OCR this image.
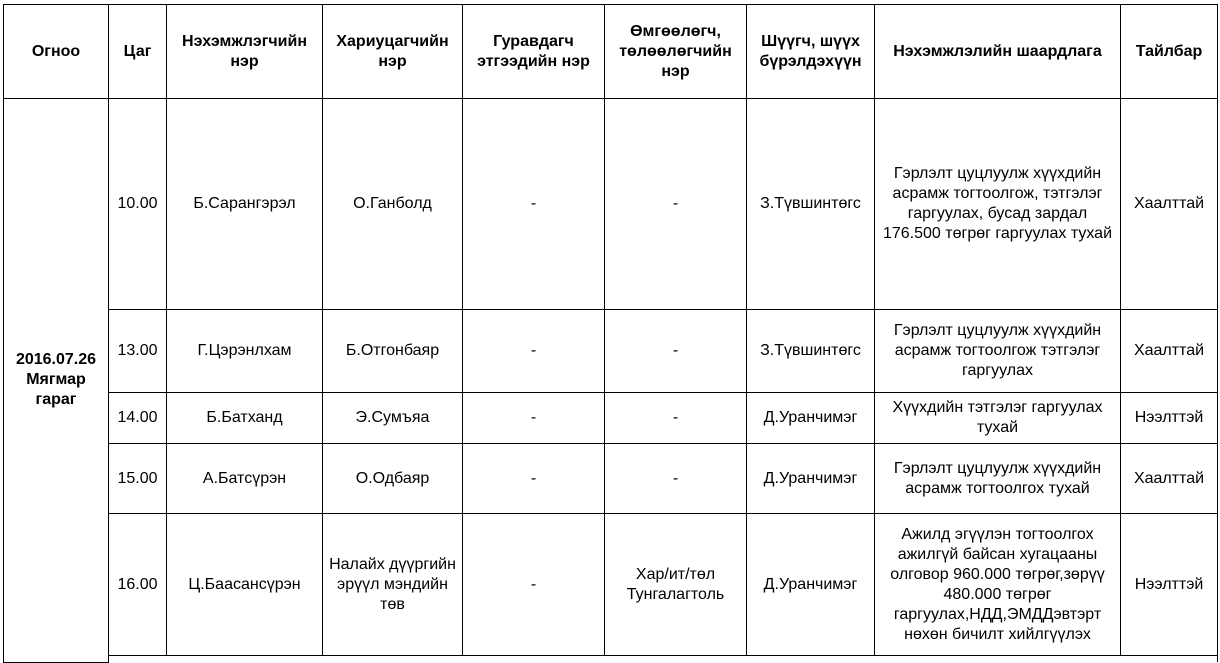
Огноо	Цаг	Нэхэмжлэгчийн нэр	Хариуцагчийн нэр	Гуравдагч этгээдийн нэр	Өмгөөлөгч, төлөөлөгчийн нэр	Шүүгч, шүүх бүрэлдэхүүн	Нэхэмжлэлийн шаардлага	Тайлбар
2016.07.26 Мягмар гараг	10.00	Б.Сарангэрэл	О.Ганболд	-	-	З.Түвшинтөгс	Гэрлэлт цуцлуулж хүүхдийн асрамж тогтоолгож, тэтгэлэг гаргуулах, бусад зардал 176.500 төгрөг гаргуулах тухай	Хаалттай
	13.00	Г.Цэрэнлхам	Б.Отгонбаяр	-	-	З.Түвшинтөгс	Гэрлэлт цуцлуулж хүүхдийн асрамж тогтоолгож тэтгэлэг гаргуулах	Хаалттай
	14.00	Б.Батханд	Э.Сумъяа	-	-	Д.Уранчимэг	Хүүхдийн тэтгэлэг гаргуулах тухай	Нээлттэй
	15.00	А.Батсүрэн	О.Одбаяр	-	-	Д.Уранчимэг	Гэрлэлт цуцлуулж хүүхдийн асрамж тогтоолгох тухай	Хаалттай
	16.00	Ц.Баасансүрэн	Налайх дүүргийн эрүүл мэндийн төв	-	Хар/ит/төл Тунгалагтоль	Д.Уранчимэг	Ажилд эгүүлэн тогтоолгох ажилгүй байсан хугацааны олговор 960.000 төгрөг,зөрүү 480.000 төгрөг гаргуулах,НДД,ЭМДДэвтэрт нөхөн бичилт хийлгүүлэх	Нээлттэй
